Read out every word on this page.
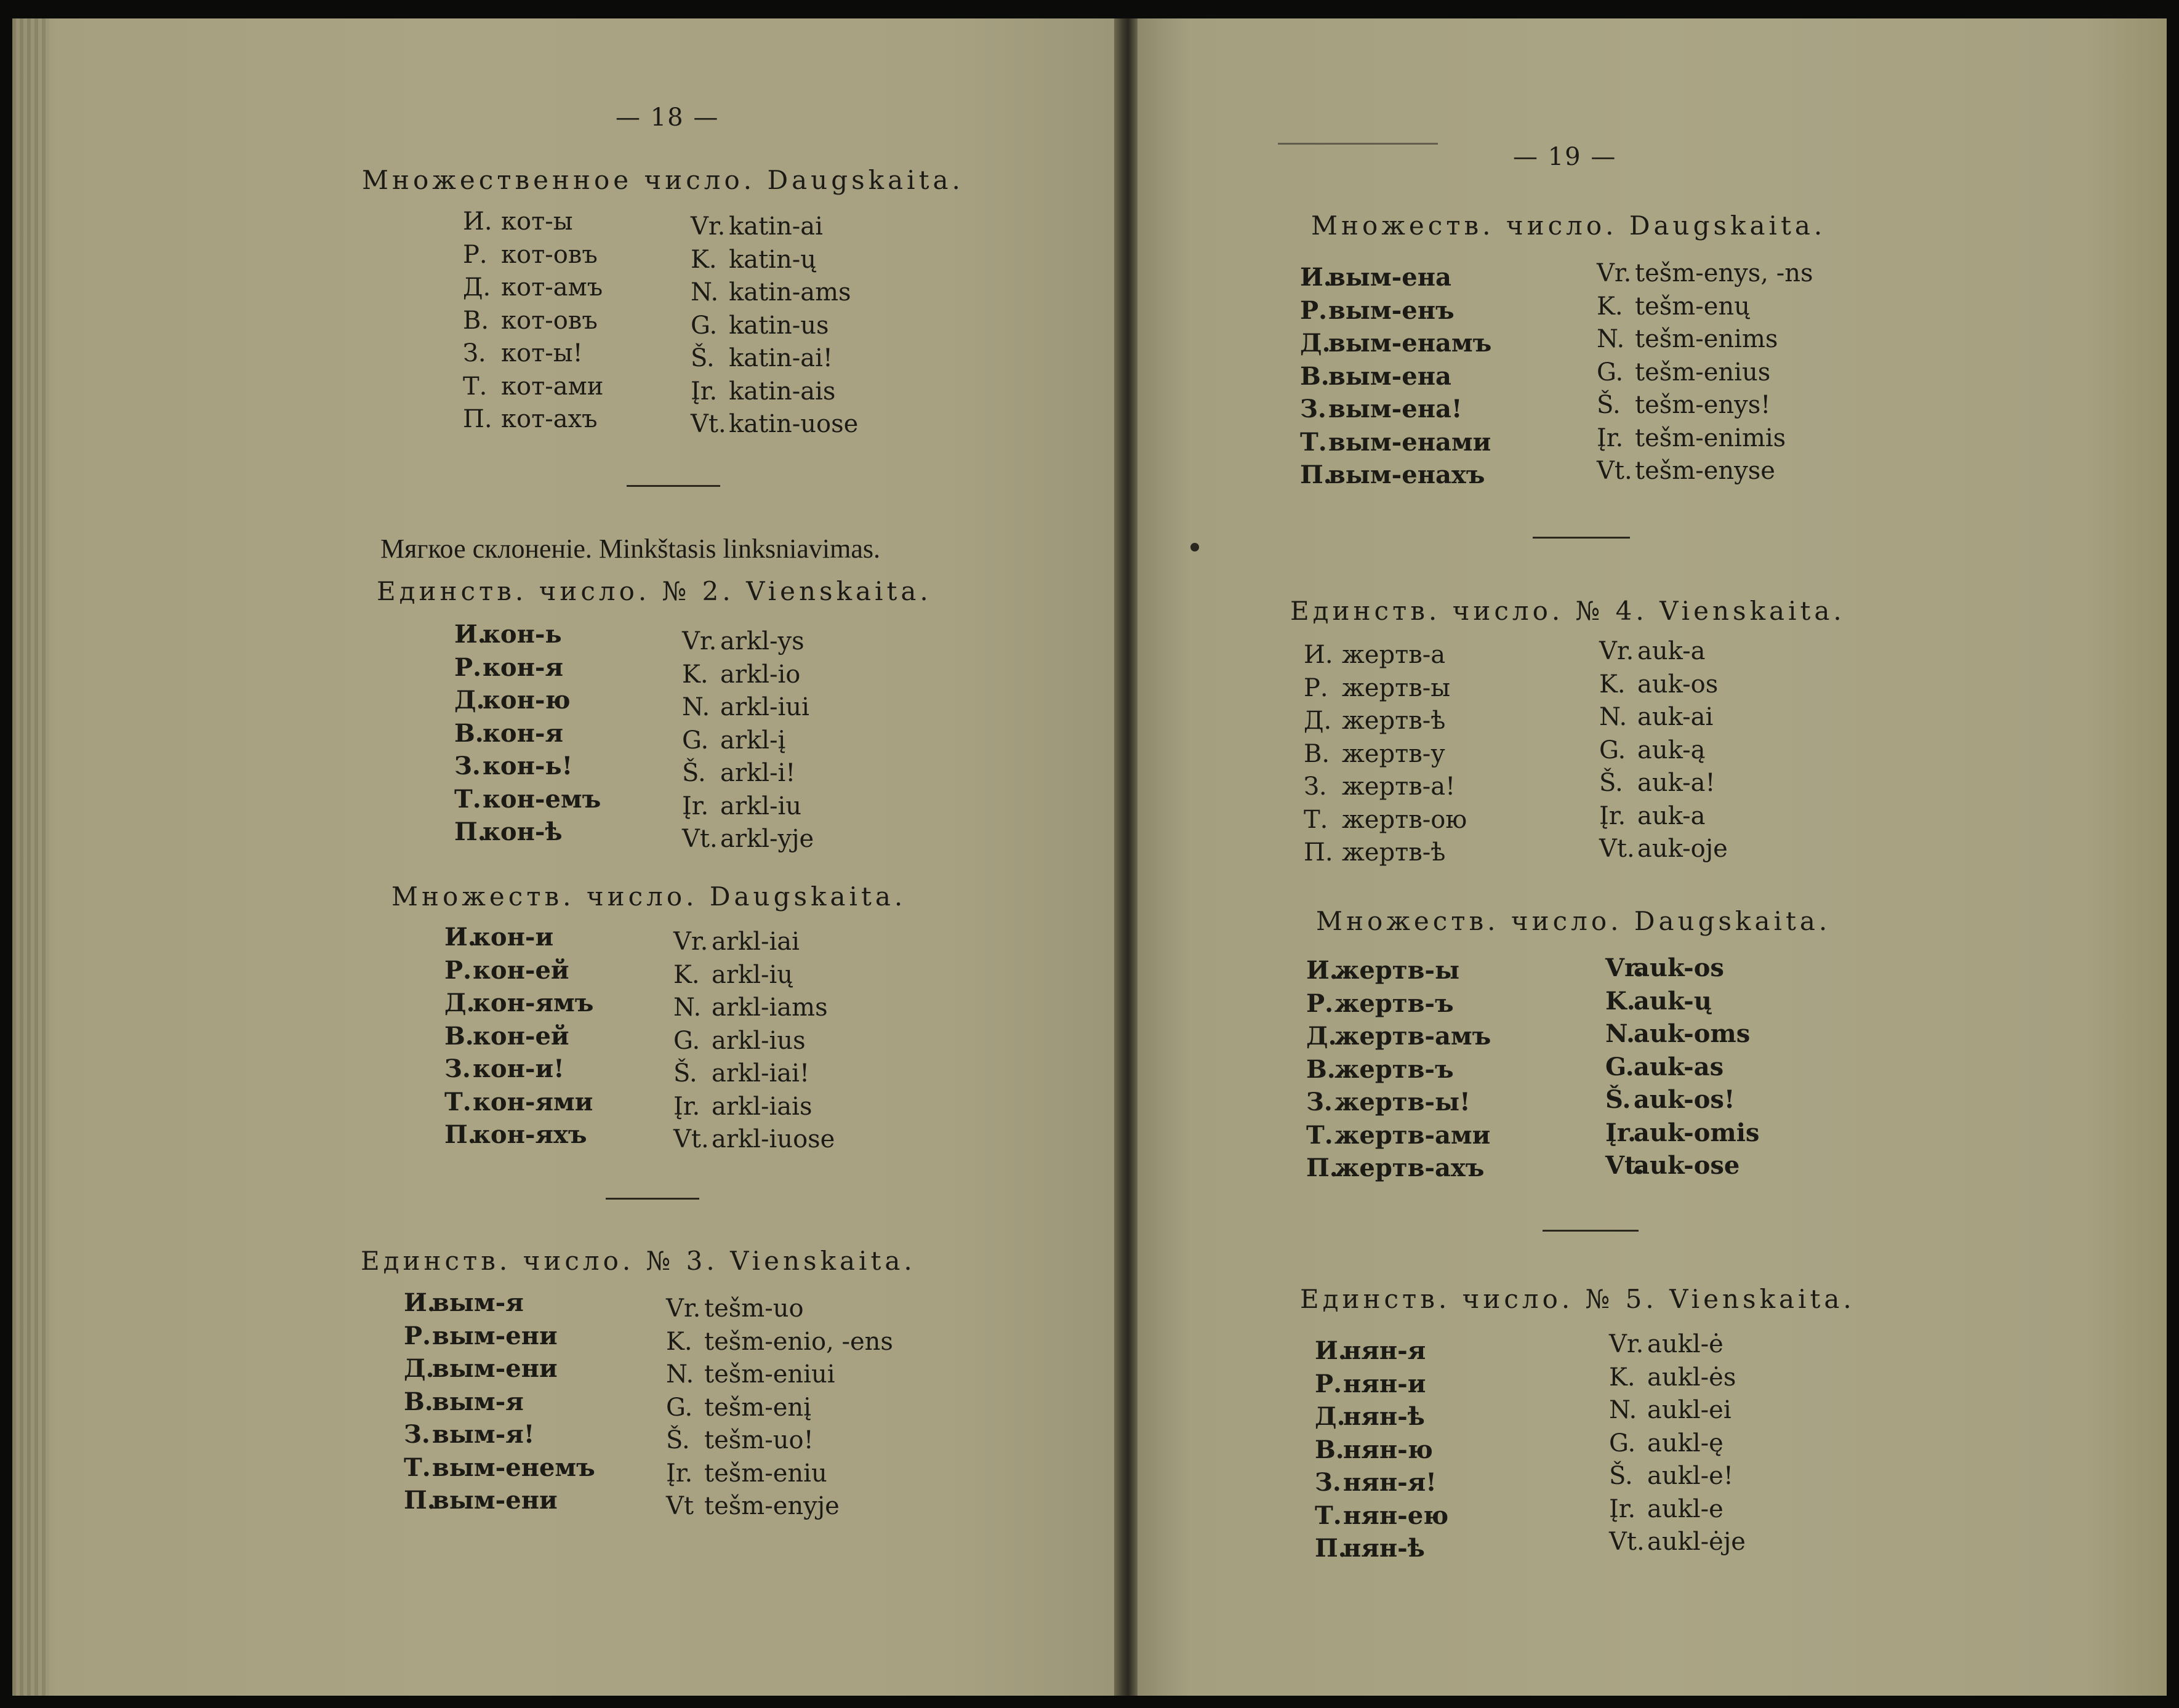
— 18 —
Множественное число. Daugskaita.
И. кот-ы
Р. кот-овъ
Д. кот-амъ
В. кот-овъ
З. кот-ы!
Т. кот-ами
П. кот-ахъ
Vr. katin-ai
K. katin-ų
N. katin-ams
G. katin-us
Š. katin-ai!
Įr. katin-ais
Vt. katin-uose
Мягкое склоненіе. Minkštasis linksniavimas.
Единств. число. № 2. Vienskaita.
И.кон-ь
Р.кон-я
Д.кон-ю
В.кон-я
З.кон-ь!
Т.кон-емъ
П.кон-ѣ
Vr. arkl-ys
K. arkl-io
N. arkl-iui
G. arkl-į
Š. arkl-i!
Įr. arkl-iu
Vt. arkl-yje
Множеств. число. Daugskaita.
И.кон-и
Р.кон-ей
Д.кон-ямъ
В.кон-ей
З.кон-и!
Т.кон-ями
П.кон-яхъ
Vr. arkl-iai
K. arkl-ių
N. arkl-iams
G. arkl-ius
Š. arkl-iai!
Įr. arkl-iais
Vt. arkl-iuose
Единств. число. № 3. Vienskaita.
И.вым-я
Р.вым-ени
Д.вым-ени
В.вым-я
З.вым-я!
Т.вым-енемъ
П.вым-ени
Vr. tešm-uo
K. tešm-enio, -ens
N. tešm-eniui
G. tešm-enį
Š. tešm-uo!
Įr. tešm-eniu
Vt tešm-enyje
— 19 —
Множеств. число. Daugskaita.
И.вым-ена
Р.вым-енъ
Д.вым-енамъ
В.вым-ена
З.вым-ена!
Т.вым-енами
П.вым-енахъ
Vr. tešm-enys, -ns
K. tešm-enų
N. tešm-enims
G. tešm-enius
Š. tešm-enys!
Įr. tešm-enimis
Vt. tešm-enyse
Единств. число. № 4. Vienskaita.
И. жертв-а
Р. жертв-ы
Д. жертв-ѣ
В. жертв-у
З. жертв-а!
Т. жертв-ою
П. жертв-ѣ
Vr. auk-a
K. auk-os
N. auk-ai
G. auk-ą
Š. auk-a!
Įr. auk-a
Vt. auk-oje
Множеств. число. Daugskaita.
И.жертв-ы
Р.жертв-ъ
Д.жертв-амъ
В.жертв-ъ
З.жертв-ы!
Т.жертв-ами
П.жертв-ахъ
Vr.auk-os
K.auk-ų
N.auk-oms
G.auk-as
Š. auk-os!
Įr.auk-omis
Vt.auk-ose
Единств. число. № 5. Vienskaita.
И.нян-я
Р.нян-и
Д.нян-ѣ
В.нян-ю
З.нян-я!
Т.нян-ею
П.нян-ѣ
Vr. aukl-ė
K. aukl-ės
N. aukl-ei
G. aukl-ę
Š. aukl-e!
Įr. aukl-e
Vt. aukl-ėje
